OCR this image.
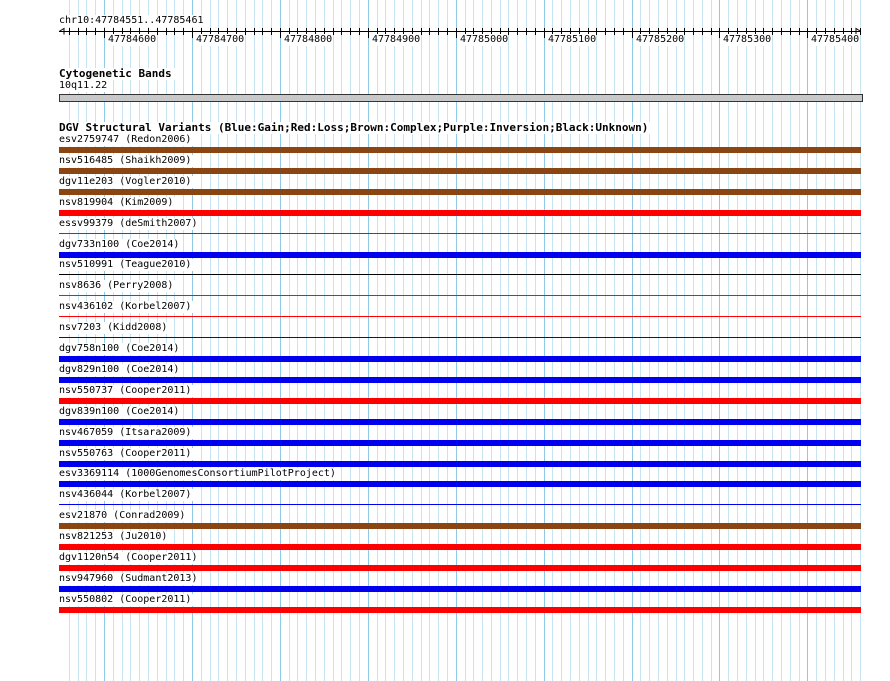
chr10:47784551..47785461
47784600	47784700	47784800	47784900	47785000	47785100	47785200	47785300	47785400
Cytogenetic Bands
10q11.22
DGV Structural Variants (Blue:Gain;Red:Loss;Brown:Complex;Purple:Inversion;Black:Unknown)
esv2759747 (Redon2006)
nsv516485 (Shaikh2009)
dgv11e203 (Vogler2010)
nsv819904 (Kim2009)
essv99379 (deSmith2007)
dgv733n100 (Coe2014)
nsv510991 (Teague2010)
nsv8636 (Perry2008)
nsv436102 (Korbel2007)
nsv7203 (Kidd2008)
dgv758n100 (Coe2014)
dgv829n100 (Coe2014)
nsv550737 (Cooper2011)
dgv839n100 (Coe2014)
nsv467059 (Itsara2009)
nsv550763 (Cooper2011)
esv3369114 (1000GenomesConsortiumPilotProject)
nsv436044 (Korbel2007)
esv21870 (Conrad2009)
nsv821253 (Ju2010)
dgv1120n54 (Cooper2011)
nsv947960 (Sudmant2013)
nsv550802 (Cooper2011)
